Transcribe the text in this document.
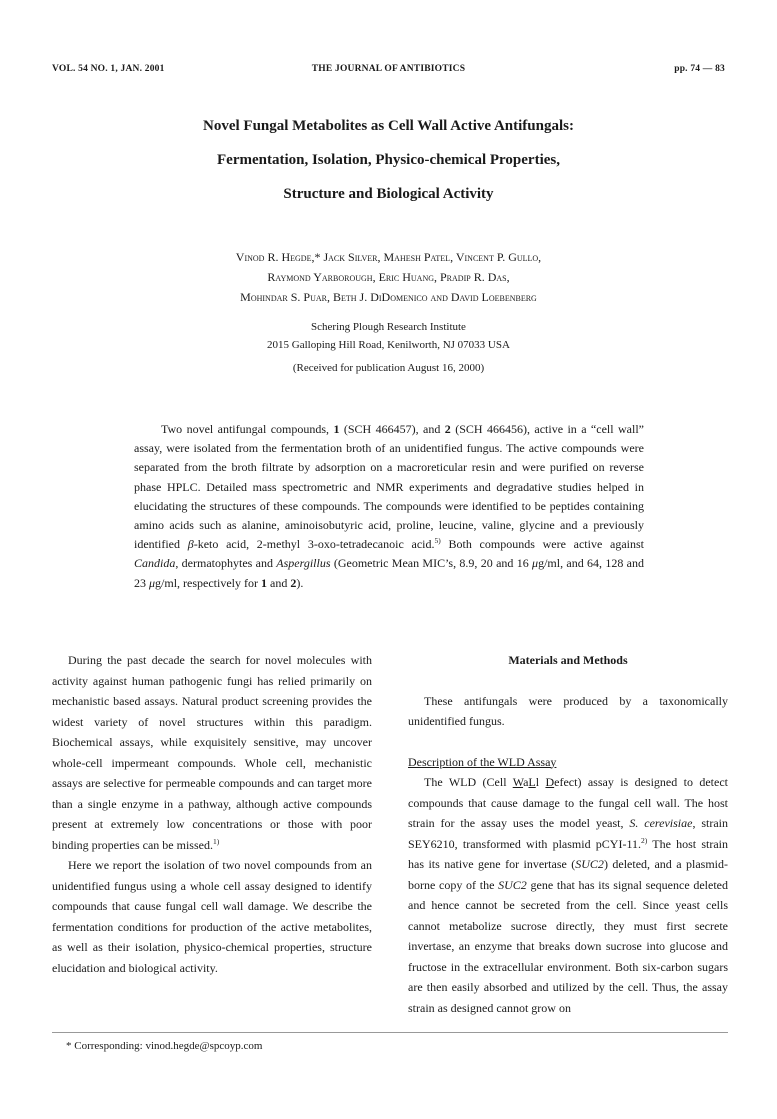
VOL. 54 NO. 1, JAN. 2001	THE JOURNAL OF ANTIBIOTICS	pp. 74 — 83
Novel Fungal Metabolites as Cell Wall Active Antifungals:
Fermentation, Isolation, Physico-chemical Properties,
Structure and Biological Activity
Vinod R. Hegde,* Jack Silver, Mahesh Patel, Vincent P. Gullo,
Raymond Yarborough, Eric Huang, Pradip R. Das,
Mohindar S. Puar, Beth J. DiDomenico and David Loebenberg
Schering Plough Research Institute
2015 Galloping Hill Road, Kenilworth, NJ 07033 USA
(Received for publication August 16, 2000)

Two novel antifungal compounds, 1 (SCH 466457), and 2 (SCH 466456), active in a “cell wall” assay, were isolated from the fermentation broth of an unidentified fungus. The active compounds were separated from the broth filtrate by adsorption on a macroreticular resin and were purified on reverse phase HPLC. Detailed mass spectrometric and NMR experiments and degradative studies helped in elucidating the structures of these compounds. The compounds were identified to be peptides containing amino acids such as alanine, aminoisobutyric acid, proline, leucine, valine, glycine and a previously identified β-keto acid, 2-methyl 3-oxo-tetradecanoic acid.$^{5)}$ Both compounds were active against Candida, dermatophytes and Aspergillus (Geometric Mean MIC’s, 8.9, 20 and 16 μg/ml, and 64, 128 and 23 μg/ml, respectively for 1 and 2).

During the past decade the search for novel molecules with activity against human pathogenic fungi has relied primarily on mechanistic based assays. Natural product screening provides the widest variety of novel structures within this paradigm. Biochemical assays, while exquisitely sensitive, may uncover whole-cell impermeant compounds. Whole cell, mechanistic assays are selective for permeable compounds and can target more than a single enzyme in a pathway, although active compounds present at extremely low concentrations or those with poor binding properties can be missed.$^{1)}$

Here we report the isolation of two novel compounds from an unidentified fungus using a whole cell assay designed to identify compounds that cause fungal cell wall damage. We describe the fermentation conditions for production of the active metabolites, as well as their isolation, physico-chemical properties, structure elucidation and biological activity.

Materials and Methods

These antifungals were produced by a taxonomically unidentified fungus.

Description of the WLD Assay

The WLD (Cell WaLl Defect) assay is designed to detect compounds that cause damage to the fungal cell wall. The host strain for the assay uses the model yeast, S. cerevisiae, strain SEY6210, transformed with plasmid pCYI-11.$^{2)}$ The host strain has its native gene for invertase (SUC2) deleted, and a plasmid-borne copy of the SUC2 gene that has its signal sequence deleted and hence cannot be secreted from the cell. Since yeast cells cannot metabolize sucrose directly, they must first secrete invertase, an enzyme that breaks down sucrose into glucose and fructose in the extracellular environment. Both six-carbon sugars are then easily absorbed and utilized by the cell. Thus, the assay strain as designed cannot grow on

* Corresponding: vinod.hegde@spcoyp.com
